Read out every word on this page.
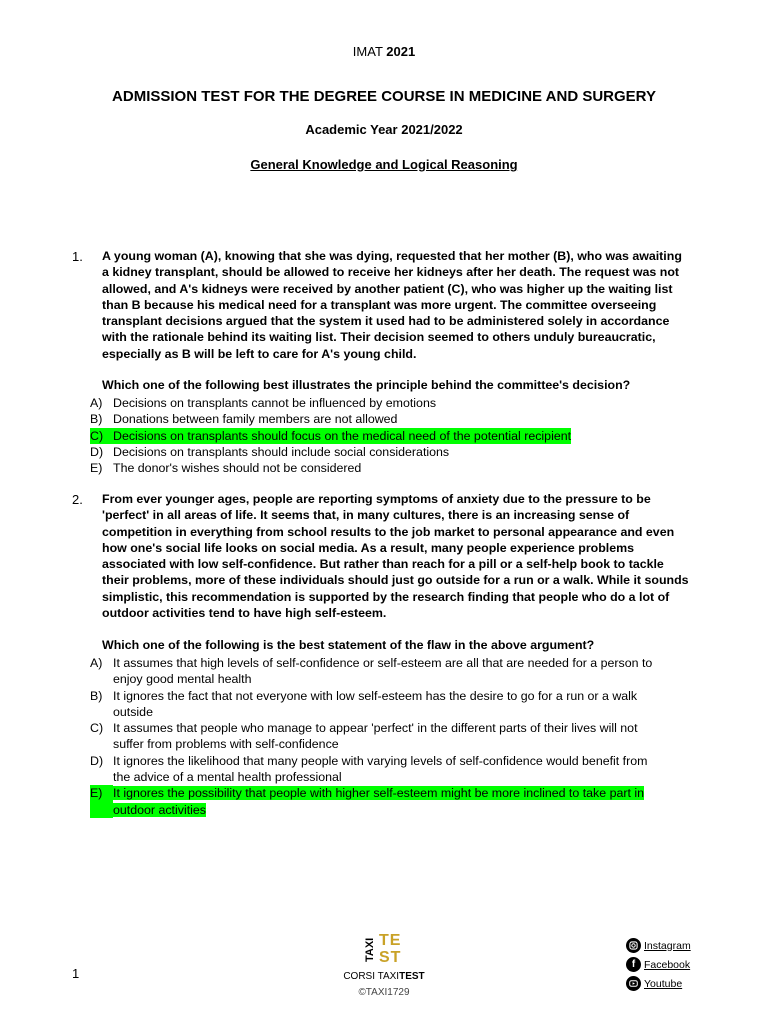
IMAT 2021
ADMISSION TEST FOR THE DEGREE COURSE IN MEDICINE AND SURGERY
Academic Year 2021/2022
General Knowledge and Logical Reasoning
1. A young woman (A), knowing that she was dying, requested that her mother (B), who was awaiting
a kidney transplant, should be allowed to receive her kidneys after her death. The request was not
allowed, and A's kidneys were received by another patient (C), who was higher up the waiting list
than B because his medical need for a transplant was more urgent. The committee overseeing
transplant decisions argued that the system it used had to be administered solely in accordance
with the rationale behind its waiting list. Their decision seemed to others unduly bureaucratic,
especially as B will be left to care for A's young child.
Which one of the following best illustrates the principle behind the committee's decision?
A) Decisions on transplants cannot be influenced by emotions
B) Donations between family members are not allowed
C) Decisions on transplants should focus on the medical need of the potential recipient
D) Decisions on transplants should include social considerations
E) The donor's wishes should not be considered
2. From ever younger ages, people are reporting symptoms of anxiety due to the pressure to be
'perfect' in all areas of life. It seems that, in many cultures, there is an increasing sense of
competition in everything from school results to the job market to personal appearance and even
how one's social life looks on social media. As a result, many people experience problems
associated with low self-confidence. But rather than reach for a pill or a self-help book to tackle
their problems, more of these individuals should just go outside for a run or a walk. While it sounds
simplistic, this recommendation is supported by the research finding that people who do a lot of
outdoor activities tend to have high self-esteem.
Which one of the following is the best statement of the flaw in the above argument?
A) It assumes that high levels of self-confidence or self-esteem are all that are needed for a person to
enjoy good mental health
B) It ignores the fact that not everyone with low self-esteem has the desire to go for a run or a walk
outside
C) It assumes that people who manage to appear 'perfect' in the different parts of their lives will not
suffer from problems with self-confidence
D) It ignores the likelihood that many people with varying levels of self-confidence would benefit from
the advice of a mental health professional
E) It ignores the possibility that people with higher self-esteem might be more inclined to take part in
outdoor activities
1
TAXI TE
ST
CORSI TAXITEST
©TAXI1729
Instagram
f Facebook
Youtube
